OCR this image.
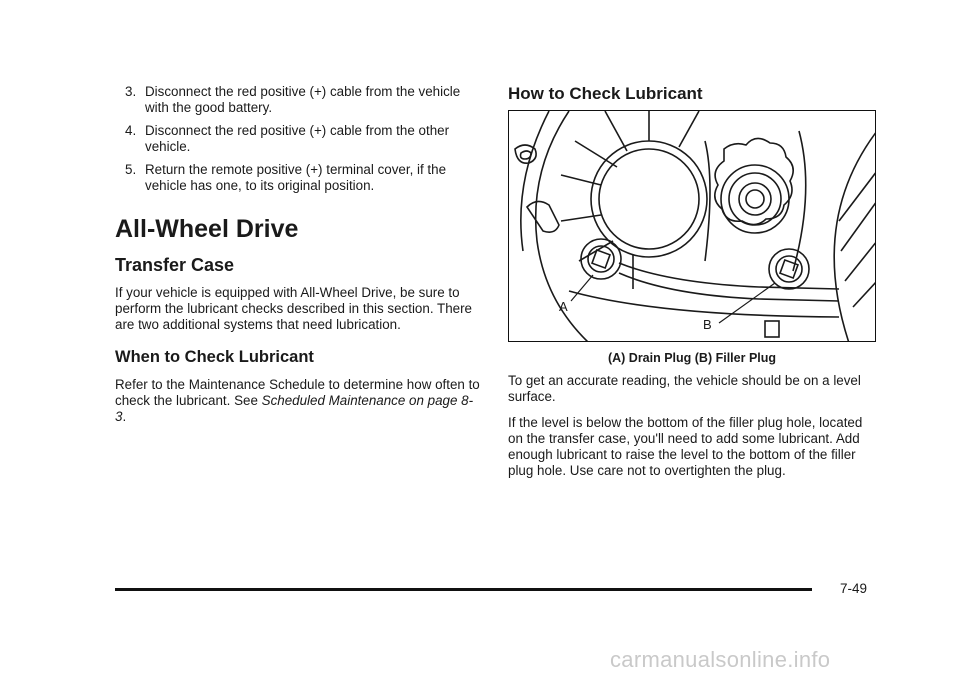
3. Disconnect the red positive (+) cable from the vehicle with the good battery.
4. Disconnect the red positive (+) cable from the other vehicle.
5. Return the remote positive (+) terminal cover, if the vehicle has one, to its original position.
All-Wheel Drive
Transfer Case

If your vehicle is equipped with All-Wheel Drive, be sure to perform the lubricant checks described in this section. There are two additional systems that need lubrication.

When to Check Lubricant

Refer to the Maintenance Schedule to determine how often to check the lubricant. See Scheduled Maintenance on page 8-3.

How to Check Lubricant
A
B
(A) Drain Plug (B) Filler Plug

To get an accurate reading, the vehicle should be on a level surface.

If the level is below the bottom of the filler plug hole, located on the transfer case, you'll need to add some lubricant. Add enough lubricant to raise the level to the bottom of the filler plug hole. Use care not to overtighten the plug.

7-49
carmanualsonline.info
